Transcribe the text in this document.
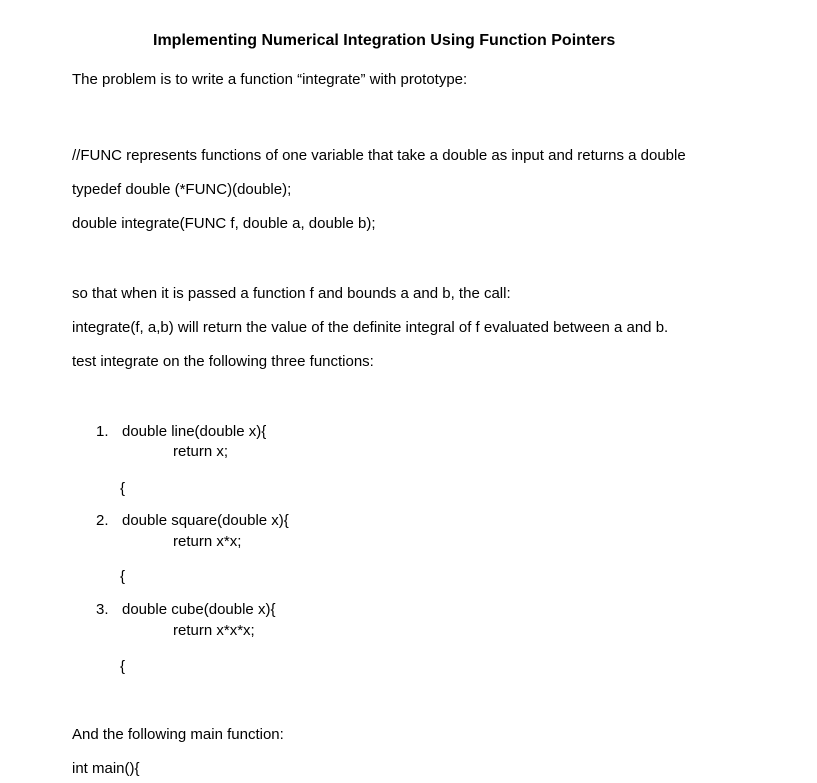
Implementing Numerical Integration Using Function Pointers
The problem is to write a function “integrate” with prototype:
//FUNC represents functions of one variable that take a double as input and returns a double
typedef double (*FUNC)(double);
double integrate(FUNC f, double a, double b);
so that when it is passed a function f and bounds a and b, the call:
integrate(f, a,b) will return the value of the definite integral of f evaluated between a and b.
test integrate on the following three functions:
1. double line(double x){
return x;
{
2. double square(double x){
return x*x;
{
3. double cube(double x){
return x*x*x;
{
And the following main function:
int main(){
